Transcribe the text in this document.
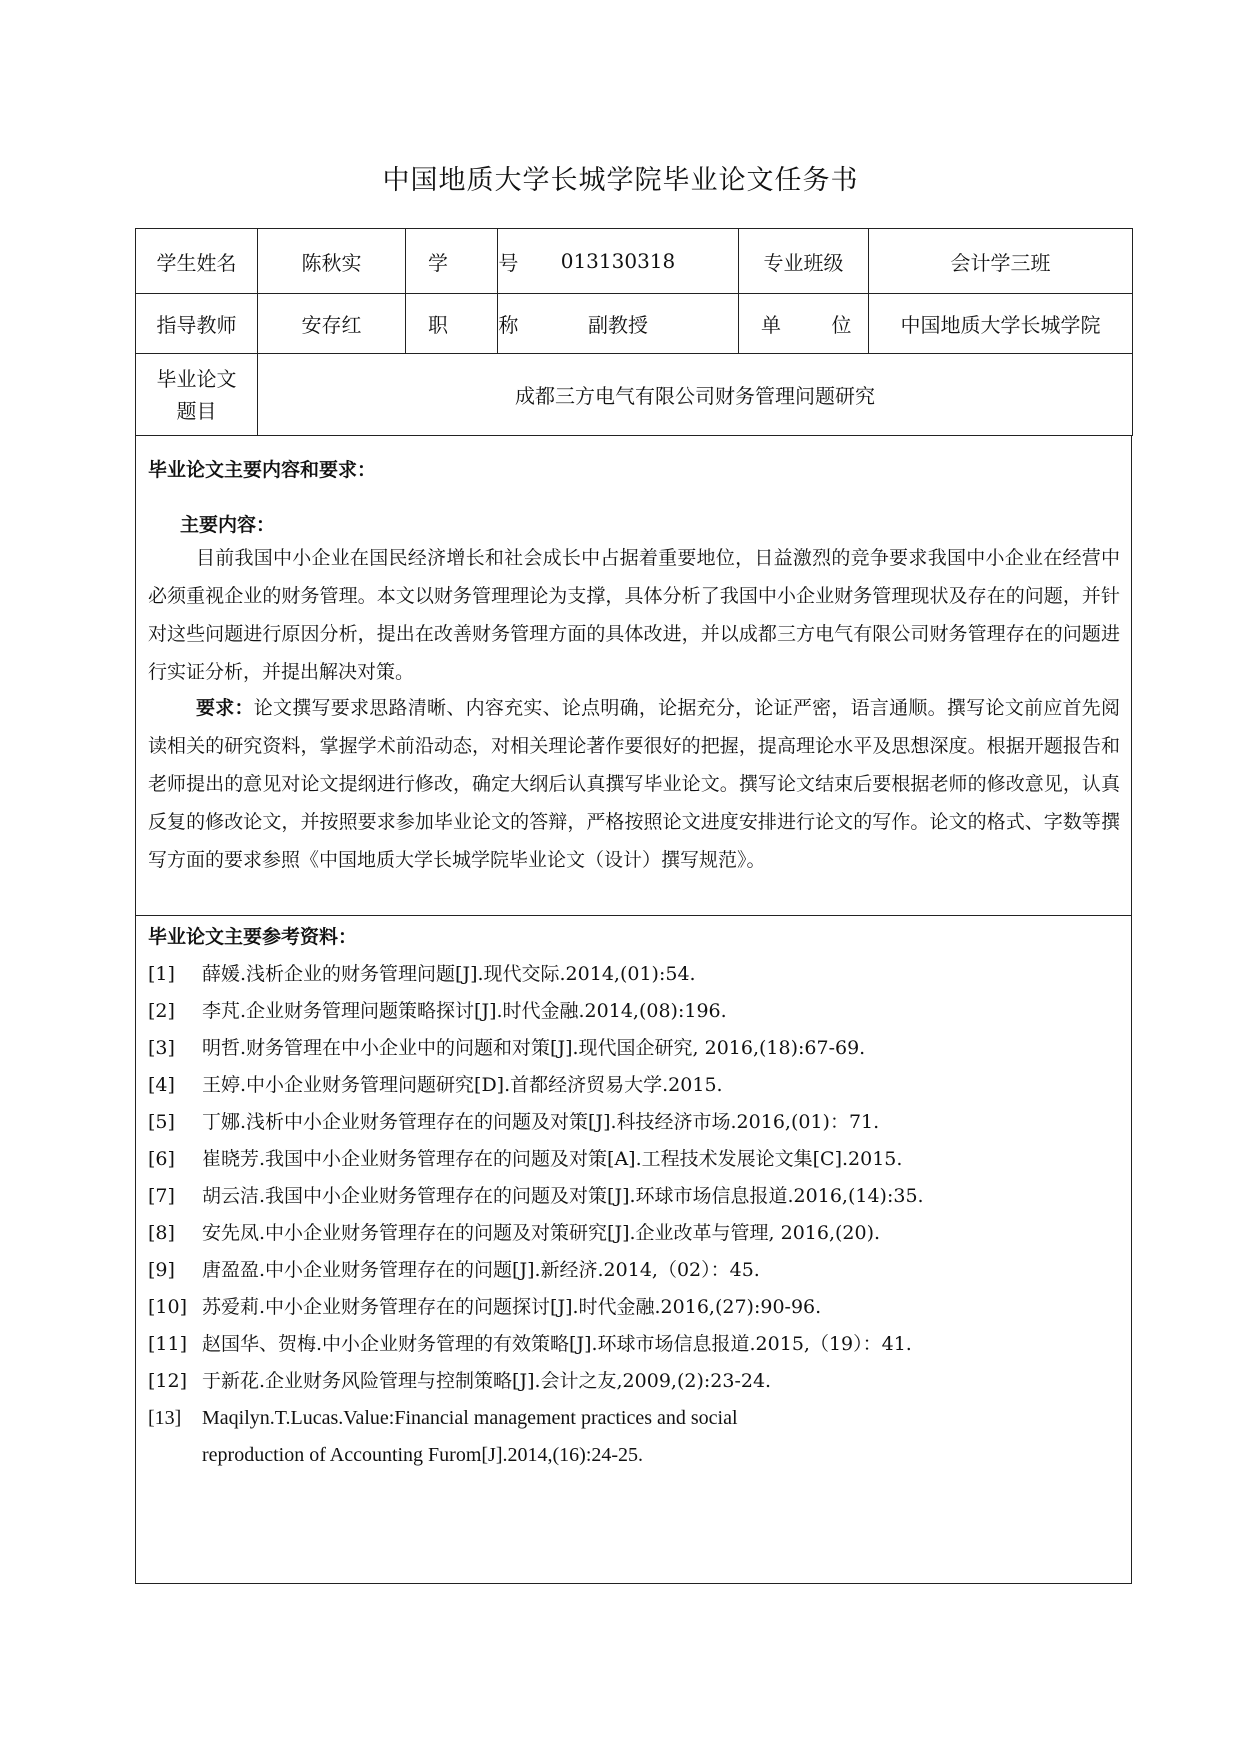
中国地质大学长城学院毕业论文任务书
学生姓名	陈秋实	学 号	013130318	专业班级	会计学三班
指导教师	安存红	职 称	副教授	单 位	中国地质大学长城学院
毕业论文
题目	成都三方电气有限公司财务管理问题研究				
毕业论文主要内容和要求：
主要内容：

目前我国中小企业在国民经济增长和社会成长中占据着重要地位，日益激烈的竞争要求我国中小企业在经营中必须重视企业的财务管理。本文以财务管理理论为支撑，具体分析了我国中小企业财务管理现状及存在的问题，并针对这些问题进行原因分析，提出在改善财务管理方面的具体改进，并以成都三方电气有限公司财务管理存在的问题进行实证分析，并提出解决对策。

要求：论文撰写要求思路清晰、内容充实、论点明确，论据充分，论证严密，语言通顺。撰写论文前应首先阅读相关的研究资料，掌握学术前沿动态，对相关理论著作要很好的把握，提高理论水平及思想深度。根据开题报告和老师提出的意见对论文提纲进行修改，确定大纲后认真撰写毕业论文。撰写论文结束后要根据老师的修改意见，认真反复的修改论文，并按照要求参加毕业论文的答辩，严格按照论文进度安排进行论文的写作。论文的格式、字数等撰写方面的要求参照《中国地质大学长城学院毕业论文（设计）撰写规范》。

毕业论文主要参考资料：
[1] 薛媛.浅析企业的财务管理问题[J].现代交际.2014,(01):54.
[2] 李芃.企业财务管理问题策略探讨[J].时代金融.2014,(08):196.
[3] 明哲.财务管理在中小企业中的问题和对策[J].现代国企研究, 2016,(18):67-69.
[4] 王婷.中小企业财务管理问题研究[D].首都经济贸易大学.2015.
[5] 丁娜.浅析中小企业财务管理存在的问题及对策[J].科技经济市场.2016,(01)：71.
[6] 崔晓芳.我国中小企业财务管理存在的问题及对策[A].工程技术发展论文集[C].2015.
[7] 胡云洁.我国中小企业财务管理存在的问题及对策[J].环球市场信息报道.2016,(14):35.
[8] 安先凤.中小企业财务管理存在的问题及对策研究[J].企业改革与管理, 2016,(20).
[9] 唐盈盈.中小企业财务管理存在的问题[J].新经济.2014,（02）：45.
[10] 苏爱莉.中小企业财务管理存在的问题探讨[J].时代金融.2016,(27):90-96.
[11] 赵国华、贺梅.中小企业财务管理的有效策略[J].环球市场信息报道.2015,（19）：41.
[12] 于新花.企业财务风险管理与控制策略[J].会计之友,2009,(2):23-24.
[13] Maqilyn.T.Lucas.Value:Financial management practices and social
reproduction of Accounting Furom[J].2014,(16):24-25.
